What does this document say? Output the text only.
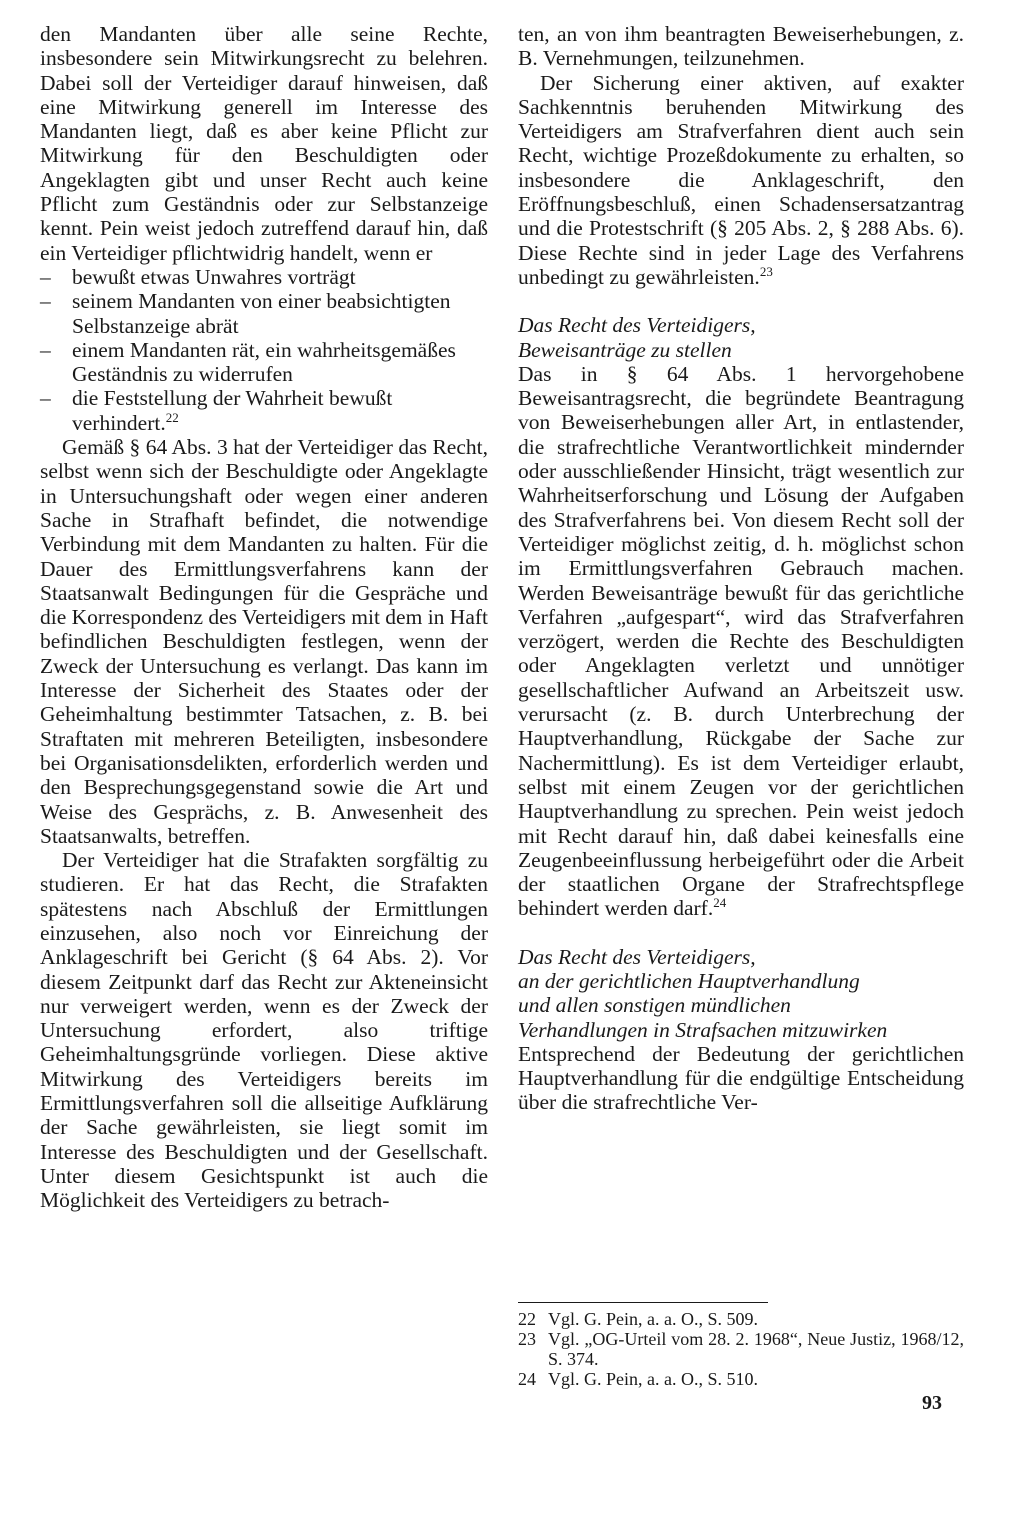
den Mandanten über alle seine Rechte, insbesondere sein Mitwirkungsrecht zu belehren. Dabei soll der Verteidiger darauf hinweisen, daß eine Mitwirkung generell im Interesse des Mandanten liegt, daß es aber keine Pflicht zur Mitwirkung für den Beschuldigten oder Angeklagten gibt und unser Recht auch keine Pflicht zum Geständnis oder zur Selbstanzeige kennt. Pein weist jedoch zutreffend darauf hin, daß ein Verteidiger pflichtwidrig handelt, wenn er

– bewußt etwas Unwahres vorträgt
– seinem Mandanten von einer beabsichtigten Selbstanzeige abrät
– einem Mandanten rät, ein wahrheitsgemäßes Geständnis zu widerrufen
– die Feststellung der Wahrheit bewußt verhindert.$^{22}$

Gemäß § 64 Abs. 3 hat der Verteidiger das Recht, selbst wenn sich der Beschuldigte oder Angeklagte in Untersuchungshaft oder wegen einer anderen Sache in Strafhaft befindet, die notwendige Verbindung mit dem Mandanten zu halten. Für die Dauer des Ermittlungsverfahrens kann der Staatsanwalt Bedingungen für die Gespräche und die Korrespondenz des Verteidigers mit dem in Haft befindlichen Beschuldigten festlegen, wenn der Zweck der Untersuchung es verlangt. Das kann im Interesse der Sicherheit des Staates oder der Geheimhaltung bestimmter Tatsachen, z. B. bei Straftaten mit mehreren Beteiligten, insbesondere bei Organisationsdelikten, erforderlich werden und den Besprechungsgegenstand sowie die Art und Weise des Gesprächs, z. B. Anwesenheit des Staatsanwalts, betreffen.

Der Verteidiger hat die Strafakten sorgfältig zu studieren. Er hat das Recht, die Strafakten spätestens nach Abschluß der Ermittlungen einzusehen, also noch vor Einreichung der Anklageschrift bei Gericht (§ 64 Abs. 2). Vor diesem Zeitpunkt darf das Recht zur Akteneinsicht nur verweigert werden, wenn es der Zweck der Untersuchung erfordert, also triftige Geheimhaltungsgründe vorliegen. Diese aktive Mitwirkung des Verteidigers bereits im Ermittlungsverfahren soll die allseitige Aufklärung der Sache gewährleisten, sie liegt somit im Interesse des Beschuldigten und der Gesellschaft. Unter diesem Gesichtspunkt ist auch die Möglichkeit des Verteidigers zu betrach-

ten, an von ihm beantragten Beweiserhebungen, z. B. Vernehmungen, teilzunehmen.

Der Sicherung einer aktiven, auf exakter Sachkenntnis beruhenden Mitwirkung des Verteidigers am Strafverfahren dient auch sein Recht, wichtige Prozeßdokumente zu erhalten, so insbesondere die Anklageschrift, den Eröffnungsbeschluß, einen Schadensersatzantrag und die Protestschrift (§ 205 Abs. 2, § 288 Abs. 6). Diese Rechte sind in jeder Lage des Verfahrens unbedingt zu gewährleisten.$^{23}$

Das Recht des Verteidigers,
Beweisanträge zu stellen

Das in § 64 Abs. 1 hervorgehobene Beweisantragsrecht, die begründete Beantragung von Beweiserhebungen aller Art, in entlastender, die strafrechtliche Verantwortlichkeit mindernder oder ausschließender Hinsicht, trägt wesentlich zur Wahrheitserforschung und Lösung der Aufgaben des Strafverfahrens bei. Von diesem Recht soll der Verteidiger möglichst zeitig, d. h. möglichst schon im Ermittlungsverfahren Gebrauch machen. Werden Beweisanträge bewußt für das gerichtliche Verfahren „aufgespart“, wird das Strafverfahren verzögert, werden die Rechte des Beschuldigten oder Angeklagten verletzt und unnötiger gesellschaftlicher Aufwand an Arbeitszeit usw. verursacht (z. B. durch Unterbrechung der Hauptverhandlung, Rückgabe der Sache zur Nachermittlung). Es ist dem Verteidiger erlaubt, selbst mit einem Zeugen vor der gerichtlichen Hauptverhandlung zu sprechen. Pein weist jedoch mit Recht darauf hin, daß dabei keinesfalls eine Zeugenbeeinflussung herbeigeführt oder die Arbeit der staatlichen Organe der Strafrechtspflege behindert werden darf.$^{24}$

Das Recht des Verteidigers,
an der gerichtlichen Hauptverhandlung
und allen sonstigen mündlichen
Verhandlungen in Strafsachen mitzuwirken

Entsprechend der Bedeutung der gerichtlichen Hauptverhandlung für die endgültige Entscheidung über die strafrechtliche Ver-

22 Vgl. G. Pein, a. a. O., S. 509.
23 Vgl. „OG-Urteil vom 28. 2. 1968“, Neue Justiz, 1968/12, S. 374.
24 Vgl. G. Pein, a. a. O., S. 510.
93
